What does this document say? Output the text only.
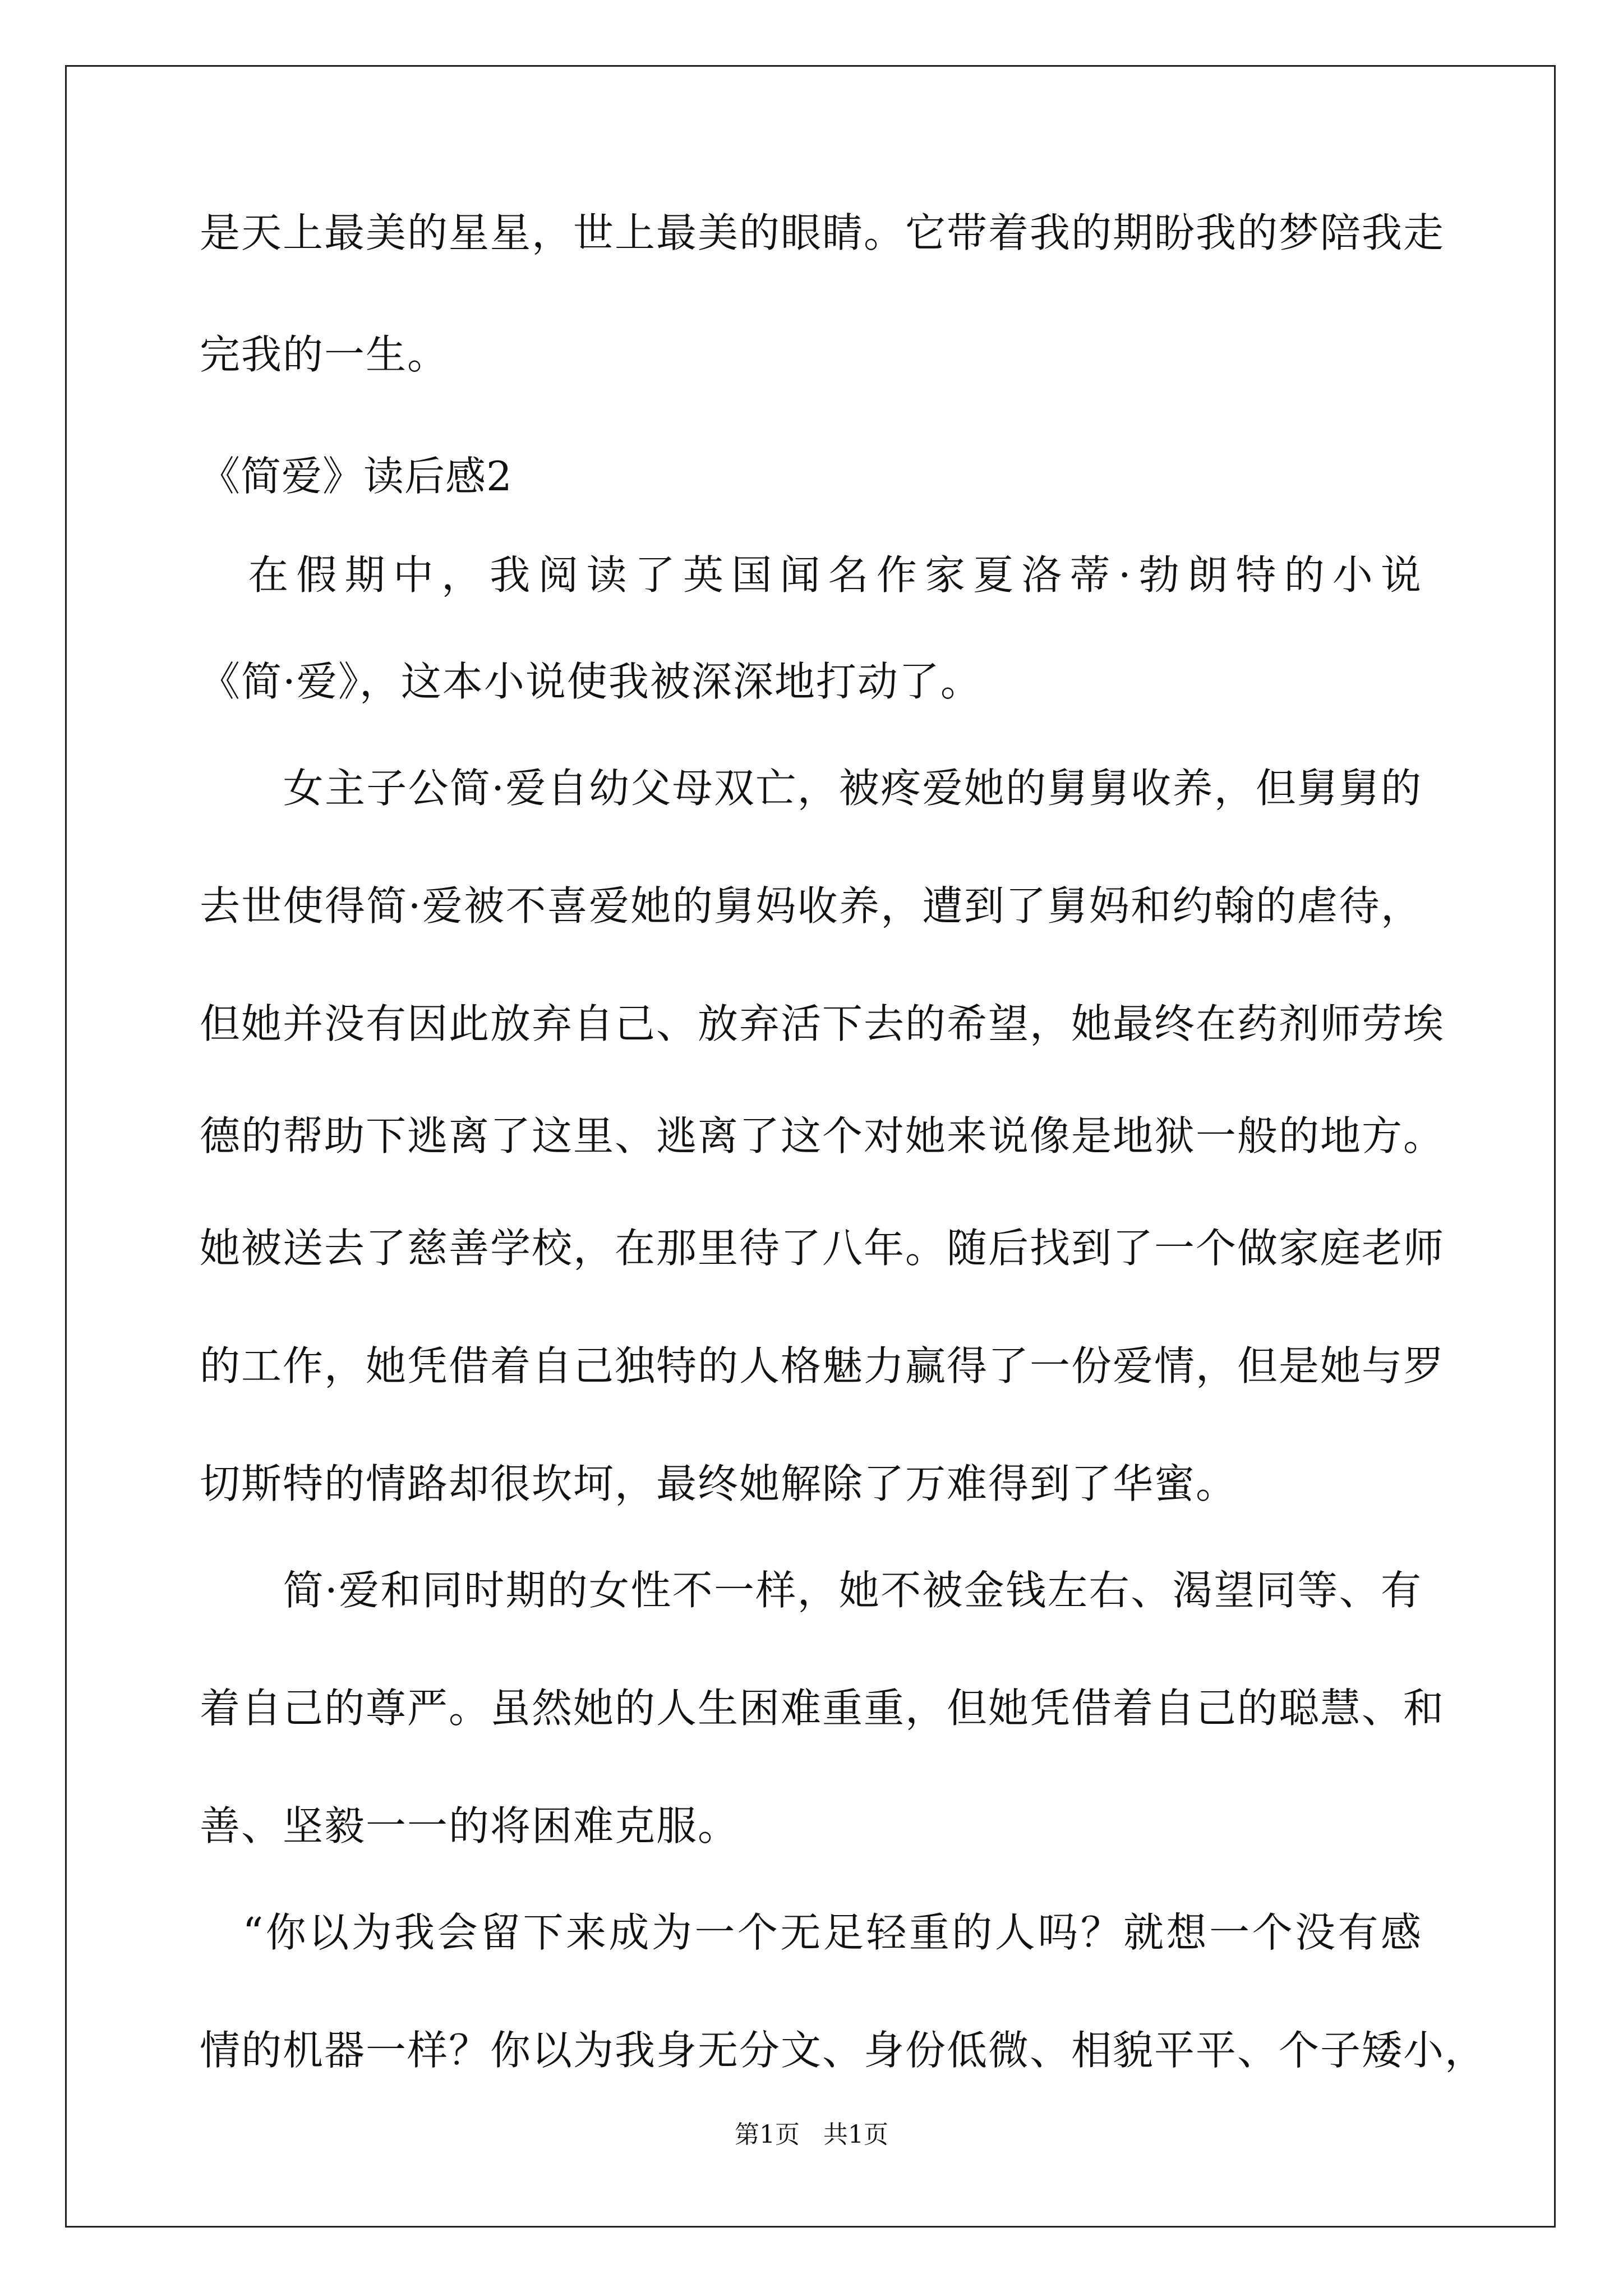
是天上最美的星星，世上最美的眼睛。它带着我的期盼我的梦陪我走
完我的一生。
《简爱》读后感2
　在假期中，我阅读了英国闻名作家夏洛蒂·勃朗特的小说
《简·爱》，这本小说使我被深深地打动了。
　　女主子公简·爱自幼父母双亡，被疼爱她的舅舅收养，但舅舅的
去世使得简·爱被不喜爱她的舅妈收养，遭到了舅妈和约翰的虐待，
但她并没有因此放弃自己、放弃活下去的希望，她最终在药剂师劳埃
德的帮助下逃离了这里、逃离了这个对她来说像是地狱一般的地方。
她被送去了慈善学校，在那里待了八年。随后找到了一个做家庭老师
的工作，她凭借着自己独特的人格魅力赢得了一份爱情，但是她与罗
切斯特的情路却很坎坷，最终她解除了万难得到了华蜜。
　　简·爱和同时期的女性不一样，她不被金钱左右、渴望同等、有
着自己的尊严。虽然她的人生困难重重，但她凭借着自己的聪慧、和
善、坚毅一一的将困难克服。
　“你以为我会留下来成为一个无足轻重的人吗？就想一个没有感
情的机器一样？你以为我身无分文、身份低微、相貌平平、个子矮小，
第1页 共1页
